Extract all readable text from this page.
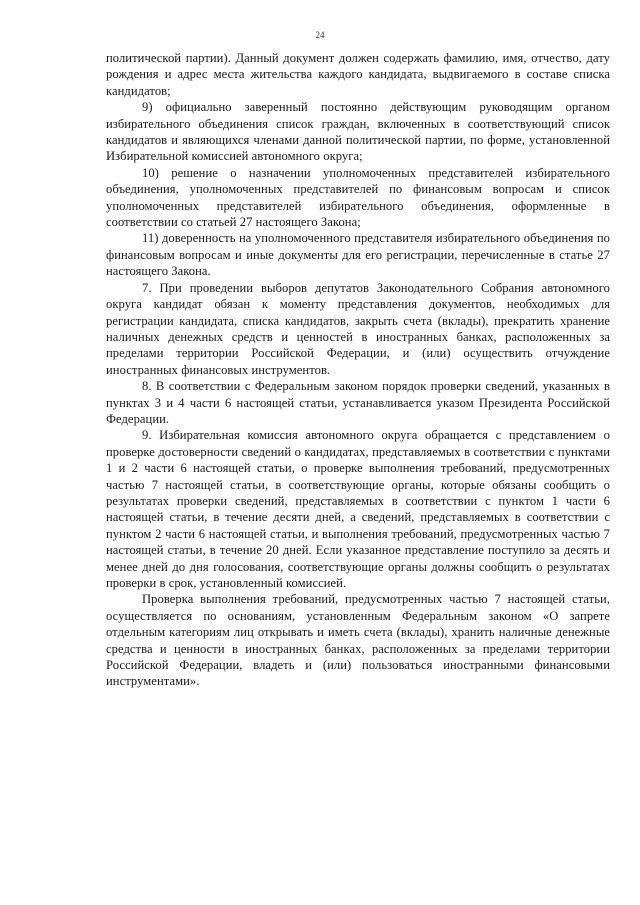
24

политической партии). Данный документ должен содержать фамилию, имя, отчество, дату рождения и адрес места жительства каждого кандидата, выдвигаемого в составе списка кандидатов;

9) официально заверенный постоянно действующим руководящим органом избирательного объединения список граждан, включенных в соответствующий список кандидатов и являющихся членами данной политической партии, по форме, установленной Избирательной комиссией автономного округа;

10) решение о назначении уполномоченных представителей избирательного объединения, уполномоченных представителей по финансовым вопросам и список уполномоченных представителей избирательного объединения, оформленные в соответствии со статьей 27 настоящего Закона;

11) доверенность на уполномоченного представителя избирательного объединения по финансовым вопросам и иные документы для его регистрации, перечисленные в статье 27 настоящего Закона.

7. При проведении выборов депутатов Законодательного Собрания автономного округа кандидат обязан к моменту представления документов, необходимых для регистрации кандидата, списка кандидатов, закрыть счета (вклады), прекратить хранение наличных денежных средств и ценностей в иностранных банках, расположенных за пределами территории Российской Федерации, и (или) осуществить отчуждение иностранных финансовых инструментов.

8. В соответствии с Федеральным законом порядок проверки сведений, указанных в пунктах 3 и 4 части 6 настоящей статьи, устанавливается указом Президента Российской Федерации.

9. Избирательная комиссия автономного округа обращается с представлением о проверке достоверности сведений о кандидатах, представляемых в соответствии с пунктами 1 и 2 части 6 настоящей статьи, о проверке выполнения требований, предусмотренных частью 7 настоящей статьи, в соответствующие органы, которые обязаны сообщить о результатах проверки сведений, представляемых в соответствии с пунктом 1 части 6 настоящей статьи, в течение десяти дней, а сведений, представляемых в соответствии с пунктом 2 части 6 настоящей статьи, и выполнения требований, предусмотренных частью 7 настоящей статьи, в течение 20 дней. Если указанное представление поступило за десять и менее дней до дня голосования, соответствующие органы должны сообщить о результатах проверки в срок, установленный комиссией.

Проверка выполнения требований, предусмотренных частью 7 настоящей статьи, осуществляется по основаниям, установленным Федеральным законом «О запрете отдельным категориям лиц открывать и иметь счета (вклады), хранить наличные денежные средства и ценности в иностранных банках, расположенных за пределами территории Российской Федерации, владеть и (или) пользоваться иностранными финансовыми инструментами».
